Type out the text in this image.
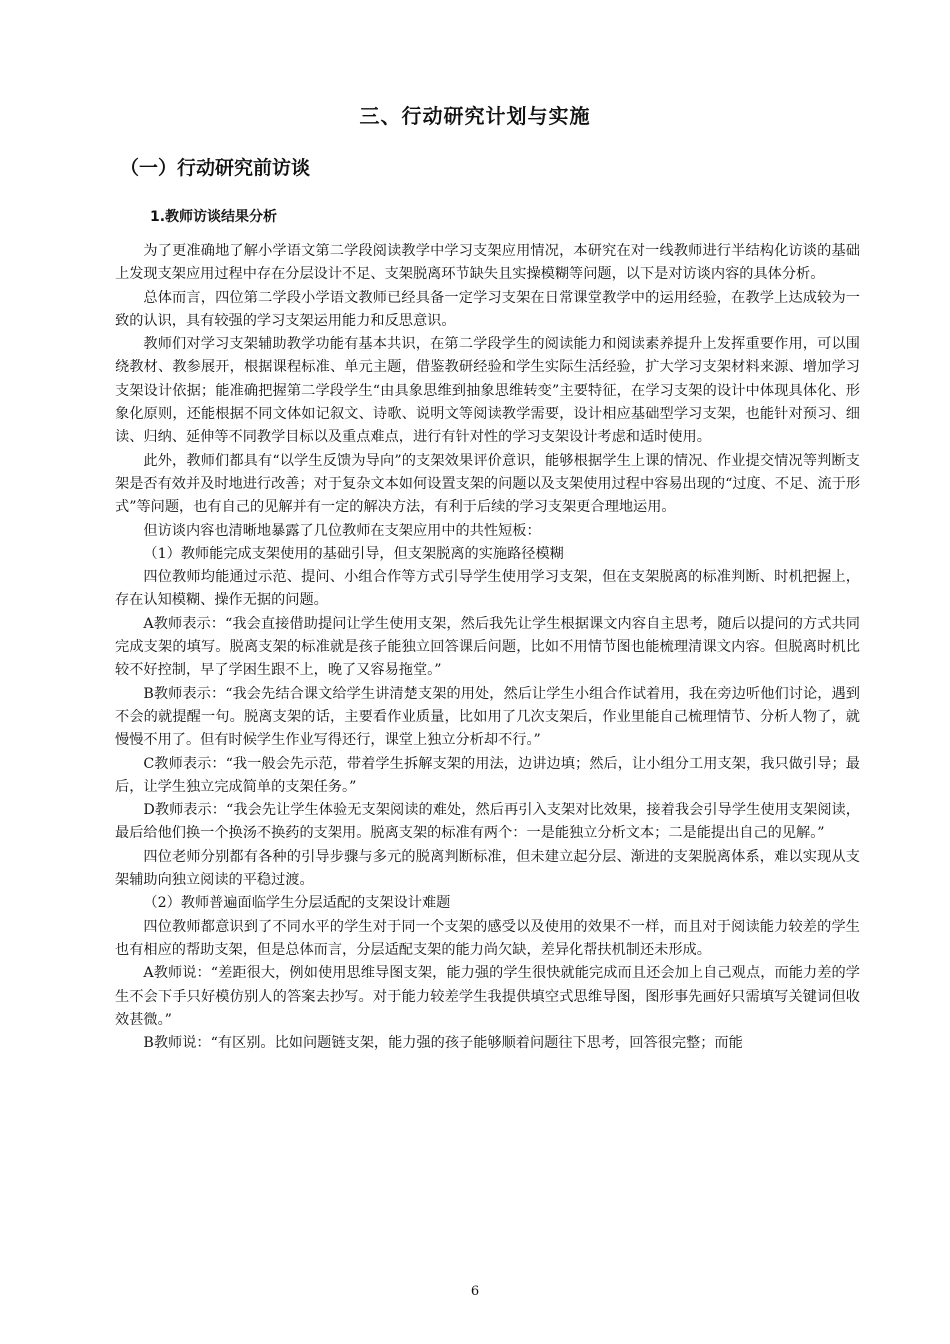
三、行动研究计划与实施
（一）行动研究前访谈
1.教师访谈结果分析

为了更准确地了解小学语文第二学段阅读教学中学习支架应用情况，本研究在对一线教师进行半结构化访谈的基础上发现支架应用过程中存在分层设计不足、支架脱离环节缺失且实操模糊等问题，以下是对访谈内容的具体分析。

总体而言，四位第二学段小学语文教师已经具备一定学习支架在日常课堂教学中的运用经验，在教学上达成较为一致的认识，具有较强的学习支架运用能力和反思意识。

教师们对学习支架辅助教学功能有基本共识，在第二学段学生的阅读能力和阅读素养提升上发挥重要作用，可以围绕教材、教参展开，根据课程标准、单元主题，借鉴教研经验和学生实际生活经验，扩大学习支架材料来源、增加学习支架设计依据；能准确把握第二学段学生“由具象思维到抽象思维转变”主要特征，在学习支架的设计中体现具体化、形象化原则，还能根据不同文体如记叙文、诗歌、说明文等阅读教学需要，设计相应基础型学习支架，也能针对预习、细读、归纳、延伸等不同教学目标以及重点难点，进行有针对性的学习支架设计考虑和适时使用。

此外，教师们都具有“以学生反馈为导向”的支架效果评价意识，能够根据学生上课的情况、作业提交情况等判断支架是否有效并及时地进行改善；对于复杂文本如何设置支架的问题以及支架使用过程中容易出现的“过度、不足、流于形式”等问题，也有自己的见解并有一定的解决方法，有利于后续的学习支架更合理地运用。

但访谈内容也清晰地暴露了几位教师在支架应用中的共性短板：

（1）教师能完成支架使用的基础引导，但支架脱离的实施路径模糊

四位教师均能通过示范、提问、小组合作等方式引导学生使用学习支架，但在支架脱离的标准判断、时机把握上，存在认知模糊、操作无据的问题。

A教师表示：“我会直接借助提问让学生使用支架，然后我先让学生根据课文内容自主思考，随后以提问的方式共同完成支架的填写。脱离支架的标准就是孩子能独立回答课后问题，比如不用情节图也能梳理清课文内容。但脱离时机比较不好控制，早了学困生跟不上，晚了又容易拖堂。”

B教师表示：“我会先结合课文给学生讲清楚支架的用处，然后让学生小组合作试着用，我在旁边听他们讨论，遇到不会的就提醒一句。脱离支架的话，主要看作业质量，比如用了几次支架后，作业里能自己梳理情节、分析人物了，就慢慢不用了。但有时候学生作业写得还行，课堂上独立分析却不行。”

C教师表示：“我一般会先示范，带着学生拆解支架的用法，边讲边填；然后，让小组分工用支架，我只做引导；最后，让学生独立完成简单的支架任务。”

D教师表示：“我会先让学生体验无支架阅读的难处，然后再引入支架对比效果，接着我会引导学生使用支架阅读，最后给他们换一个换汤不换药的支架用。脱离支架的标准有两个：一是能独立分析文本；二是能提出自己的见解。”

四位老师分别都有各种的引导步骤与多元的脱离判断标准，但未建立起分层、渐进的支架脱离体系，难以实现从支架辅助向独立阅读的平稳过渡。

（2）教师普遍面临学生分层适配的支架设计难题

四位教师都意识到了不同水平的学生对于同一个支架的感受以及使用的效果不一样，而且对于阅读能力较差的学生也有相应的帮助支架，但是总体而言，分层适配支架的能力尚欠缺，差异化帮扶机制还未形成。

A教师说：“差距很大，例如使用思维导图支架，能力强的学生很快就能完成而且还会加上自己观点，而能力差的学生不会下手只好模仿别人的答案去抄写。对于能力较差学生我提供填空式思维导图，图形事先画好只需填写关键词但收效甚微。”

B教师说：“有区别。比如问题链支架，能力强的孩子能够顺着问题往下思考，回答很完整；而能

6
